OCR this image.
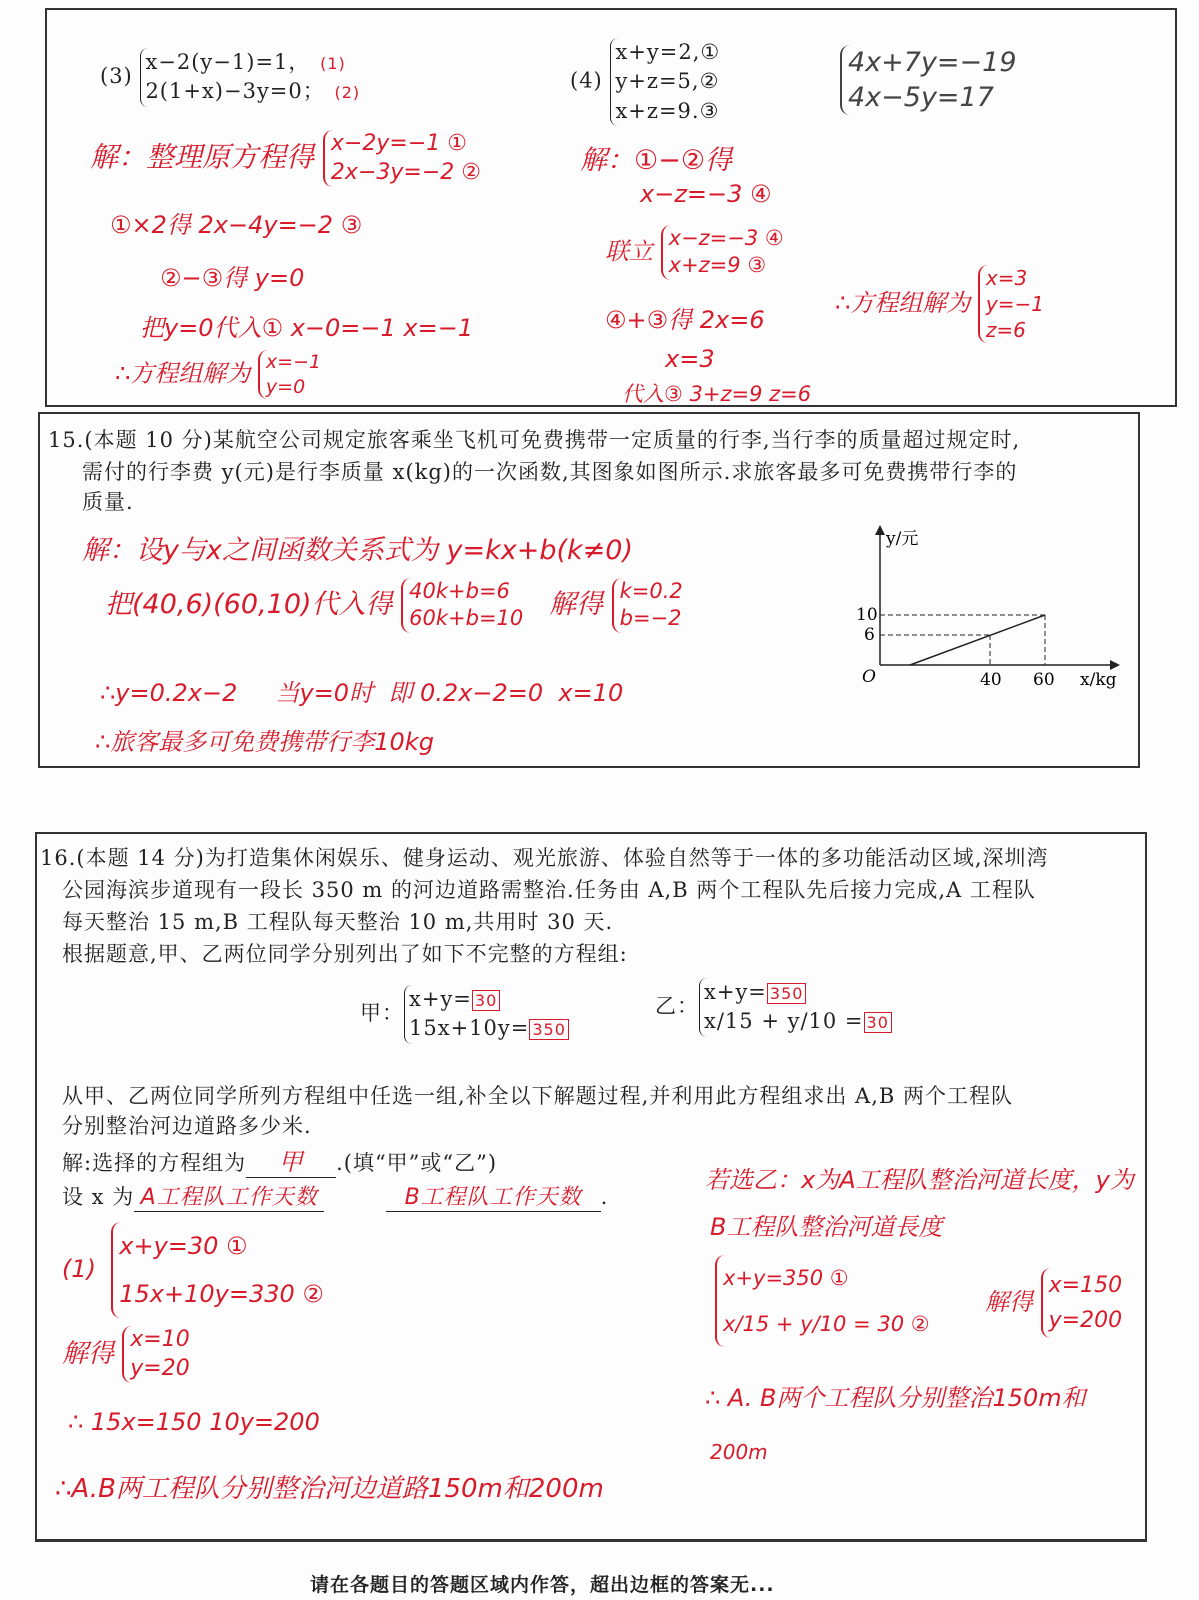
(3)
x−2(y−1)=1， (1)
2(1+x)−3y=0； (2)
解：整理原方程得 x−2y=−1 ①
2x−3y=−2 ②
①×2得 2x−4y=−2 ③
②−③得 y=0
把y=0代入① x−0=−1 x=−1
∴方程组解为 x=−1
y=0
(4)
x+y=2,①
y+z=5,②
x+z=9.③
4x+7y=−19
4x−5y=17
解：①−②得
x−z=−3 ④
联立 x−z=−3 ④
x+z=9 ③
④+③得 2x=6
x=3
代入③ 3+z=9 z=6
∴方程组解为
x=3
y=−1
z=6
15.(本题 10 分)某航空公司规定旅客乘坐飞机可免费携带一定质量的行李,当行李的质量超过规定时,
需付的行李费 y(元)是行李质量 x(kg)的一次函数,其图象如图所示.求旅客最多可免费携带行李的
质量.
解：设y与x之间函数关系式为 y=kx+b(k≠0)
把(40,6)(60,10)代入得 40k+b=6
60k+b=10 解得 k=0.2
b=−2
∴y=0.2x−2 当y=0时 即 0.2x−2=0 x=10
∴旅客最多可免费携带行李10kg
y/元
x/kg
O
10
6
40 60
16.(本题 14 分)为打造集休闲娱乐、健身运动、观光旅游、体验自然等于一体的多功能活动区域,深圳湾
公园海滨步道现有一段长 350 m 的河边道路需整治.任务由 A,B 两个工程队先后接力完成,A 工程队
每天整治 15 m,B 工程队每天整治 10 m,共用时 30 天.
根据题意,甲、乙两位同学分别列出了如下不完整的方程组:
甲：
x+y= 30
15x+10y= 350
乙：
x+y= 350
x/15 + y/10 = 30
从甲、乙两位同学所列方程组中任选一组,补全以下解题过程,并利用此方程组求出 A,B 两个工程队
分别整治河边道路多少米.
解:选择的方程组为 甲 .(填“甲”或“乙”)
设 x 为 A工程队工作天数	B工程队工作天数 .
(1)
x+y=30 ①
15x+10y=330 ②
解得 x=10
y=20
∴ 15x=150 10y=200
∴A.B两工程队分别整治河边道路150m和200m
若选乙：x为A工程队整治河道长度，y为
B工程队整治河道長度
x+y=350 ①
x/15 + y/10 = 30 ②
解得
x=150
y=200
∴ A. B两个工程队分别整治150m和
200m
请在各题目的答题区域内作答，超出边框的答案无...
